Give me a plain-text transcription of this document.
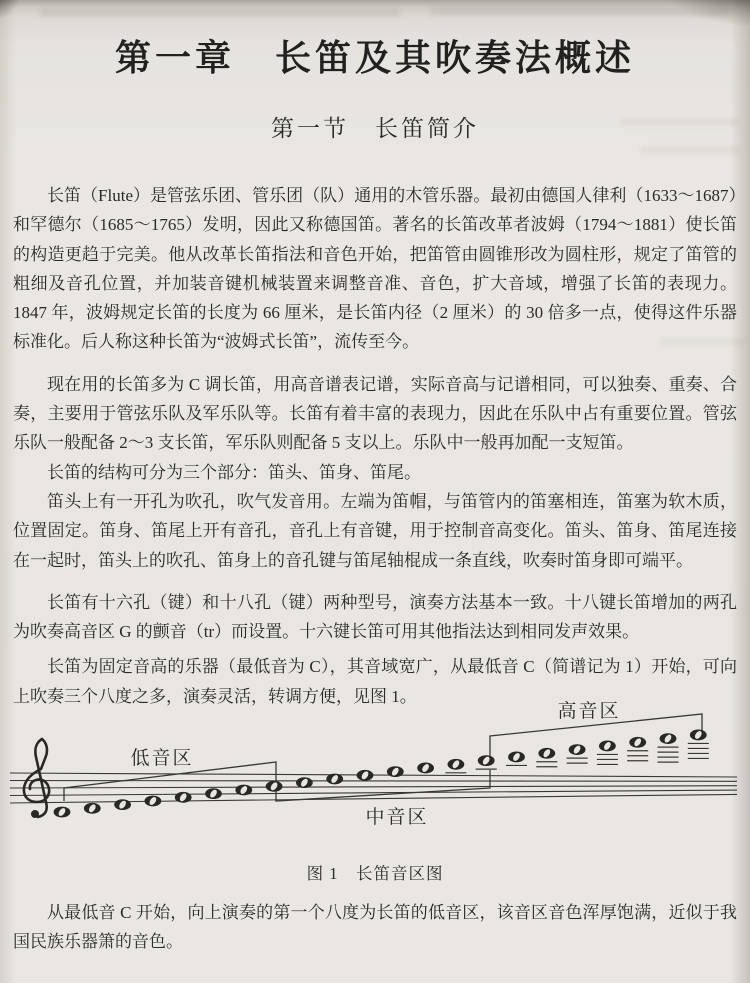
第一章　长笛及其吹奏法概述
第一节　长笛简介

长笛（Flute）是管弦乐团、管乐团（队）通用的木管乐器。最初由德国人律利（1633～1687）和罕德尔（1685～1765）发明，因此又称德国笛。著名的长笛改革者波姆（1794～1881）使长笛的构造更趋于完美。他从改革长笛指法和音色开始，把笛管由圆锥形改为圆柱形，规定了笛管的粗细及音孔位置，并加装音键机械装置来调整音准、音色，扩大音域，增强了长笛的表现力。1847 年，波姆规定长笛的长度为 66 厘米，是长笛内径（2 厘米）的 30 倍多一点，使得这件乐器标准化。后人称这种长笛为“波姆式长笛”，流传至今。

现在用的长笛多为 C 调长笛，用高音谱表记谱，实际音高与记谱相同，可以独奏、重奏、合奏，主要用于管弦乐队及军乐队等。长笛有着丰富的表现力，因此在乐队中占有重要位置。管弦乐队一般配备 2～3 支长笛，军乐队则配备 5 支以上。乐队中一般再加配一支短笛。

长笛的结构可分为三个部分：笛头、笛身、笛尾。

笛头上有一开孔为吹孔，吹气发音用。左端为笛帽，与笛管内的笛塞相连，笛塞为软木质，位置固定。笛身、笛尾上开有音孔，音孔上有音键，用于控制音高变化。笛头、笛身、笛尾连接在一起时，笛头上的吹孔、笛身上的音孔键与笛尾轴棍成一条直线，吹奏时笛身即可端平。

长笛有十六孔（键）和十八孔（键）两种型号，演奏方法基本一致。十八键长笛增加的两孔为吹奏高音区 G 的颤音（tr）而设置。十六键长笛可用其他指法达到相同发声效果。

长笛为固定音高的乐器（最低音为 C），其音域宽广，从最低音 C（简谱记为 1）开始，可向上吹奏三个八度之多，演奏灵活，转调方便，见图 1。

低音区
中音区
高音区
图 1　长笛音区图

从最低音 C 开始，向上演奏的第一个八度为长笛的低音区，该音区音色浑厚饱满，近似于我国民族乐器箫的音色。
